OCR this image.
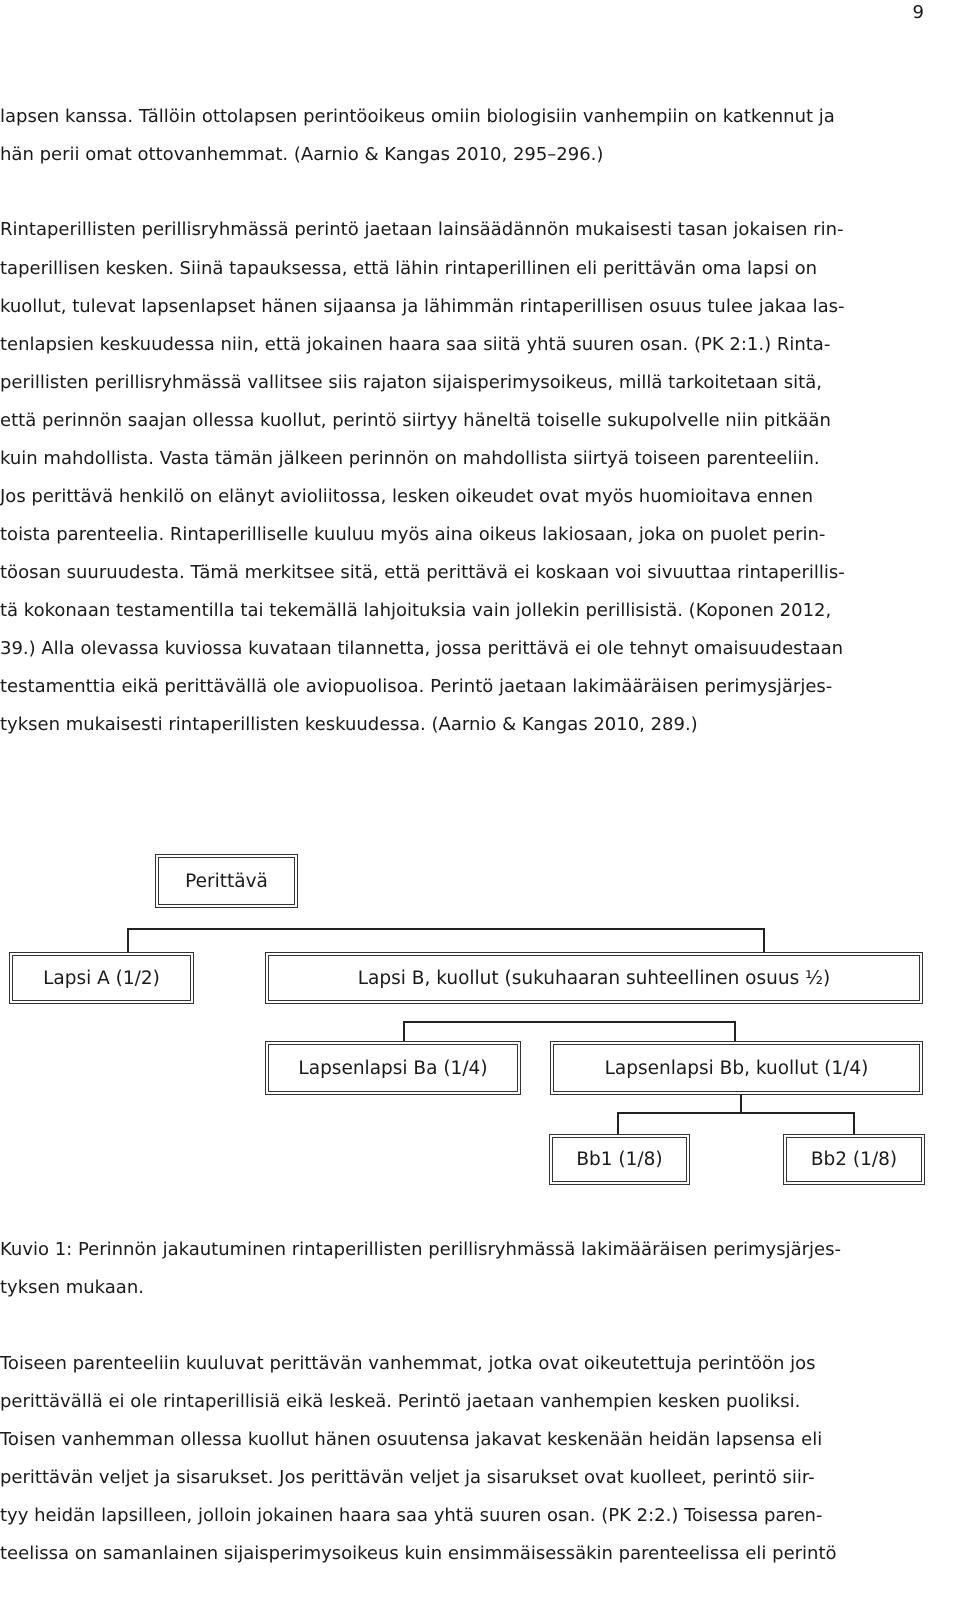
9
lapsen kanssa. Tällöin ottolapsen perintöoikeus omiin biologisiin vanhempiin on katkennut ja
hän perii omat ottovanhemmat. (Aarnio & Kangas 2010, 295–296.)
Rintaperillisten perillisryhmässä perintö jaetaan lainsäädännön mukaisesti tasan jokaisen rin-
taperillisen kesken. Siinä tapauksessa, että lähin rintaperillinen eli perittävän oma lapsi on
kuollut, tulevat lapsenlapset hänen sijaansa ja lähimmän rintaperillisen osuus tulee jakaa las-
tenlapsien keskuudessa niin, että jokainen haara saa siitä yhtä suuren osan. (PK 2:1.) Rinta-
perillisten perillisryhmässä vallitsee siis rajaton sijaisperimysoikeus, millä tarkoitetaan sitä,
että perinnön saajan ollessa kuollut, perintö siirtyy häneltä toiselle sukupolvelle niin pitkään
kuin mahdollista. Vasta tämän jälkeen perinnön on mahdollista siirtyä toiseen parenteeliin.
Jos perittävä henkilö on elänyt avioliitossa, lesken oikeudet ovat myös huomioitava ennen
toista parenteelia. Rintaperilliselle kuuluu myös aina oikeus lakiosaan, joka on puolet perin-
töosan suuruudesta. Tämä merkitsee sitä, että perittävä ei koskaan voi sivuuttaa rintaperillis-
tä kokonaan testamentilla tai tekemällä lahjoituksia vain jollekin perillisistä. (Koponen 2012,
39.) Alla olevassa kuviossa kuvataan tilannetta, jossa perittävä ei ole tehnyt omaisuudestaan
testamenttia eikä perittävällä ole aviopuolisoa. Perintö jaetaan lakimääräisen perimysjärjes-
tyksen mukaisesti rintaperillisten keskuudessa. (Aarnio & Kangas 2010, 289.)
Perittävä
Lapsi A (1/2)	Lapsi B, kuollut (sukuhaaran suhteellinen osuus ½)
Lapsenlapsi Ba (1/4)	Lapsenlapsi Bb, kuollut (1/4)
Bb1 (1/8)	Bb2 (1/8)
Kuvio 1: Perinnön jakautuminen rintaperillisten perillisryhmässä lakimääräisen perimysjärjes-
tyksen mukaan.
Toiseen parenteeliin kuuluvat perittävän vanhemmat, jotka ovat oikeutettuja perintöön jos
perittävällä ei ole rintaperillisiä eikä leskeä. Perintö jaetaan vanhempien kesken puoliksi.
Toisen vanhemman ollessa kuollut hänen osuutensa jakavat keskenään heidän lapsensa eli
perittävän veljet ja sisarukset. Jos perittävän veljet ja sisarukset ovat kuolleet, perintö siir-
tyy heidän lapsilleen, jolloin jokainen haara saa yhtä suuren osan. (PK 2:2.) Toisessa paren-
teelissa on samanlainen sijaisperimysoikeus kuin ensimmäisessäkin parenteelissa eli perintö
